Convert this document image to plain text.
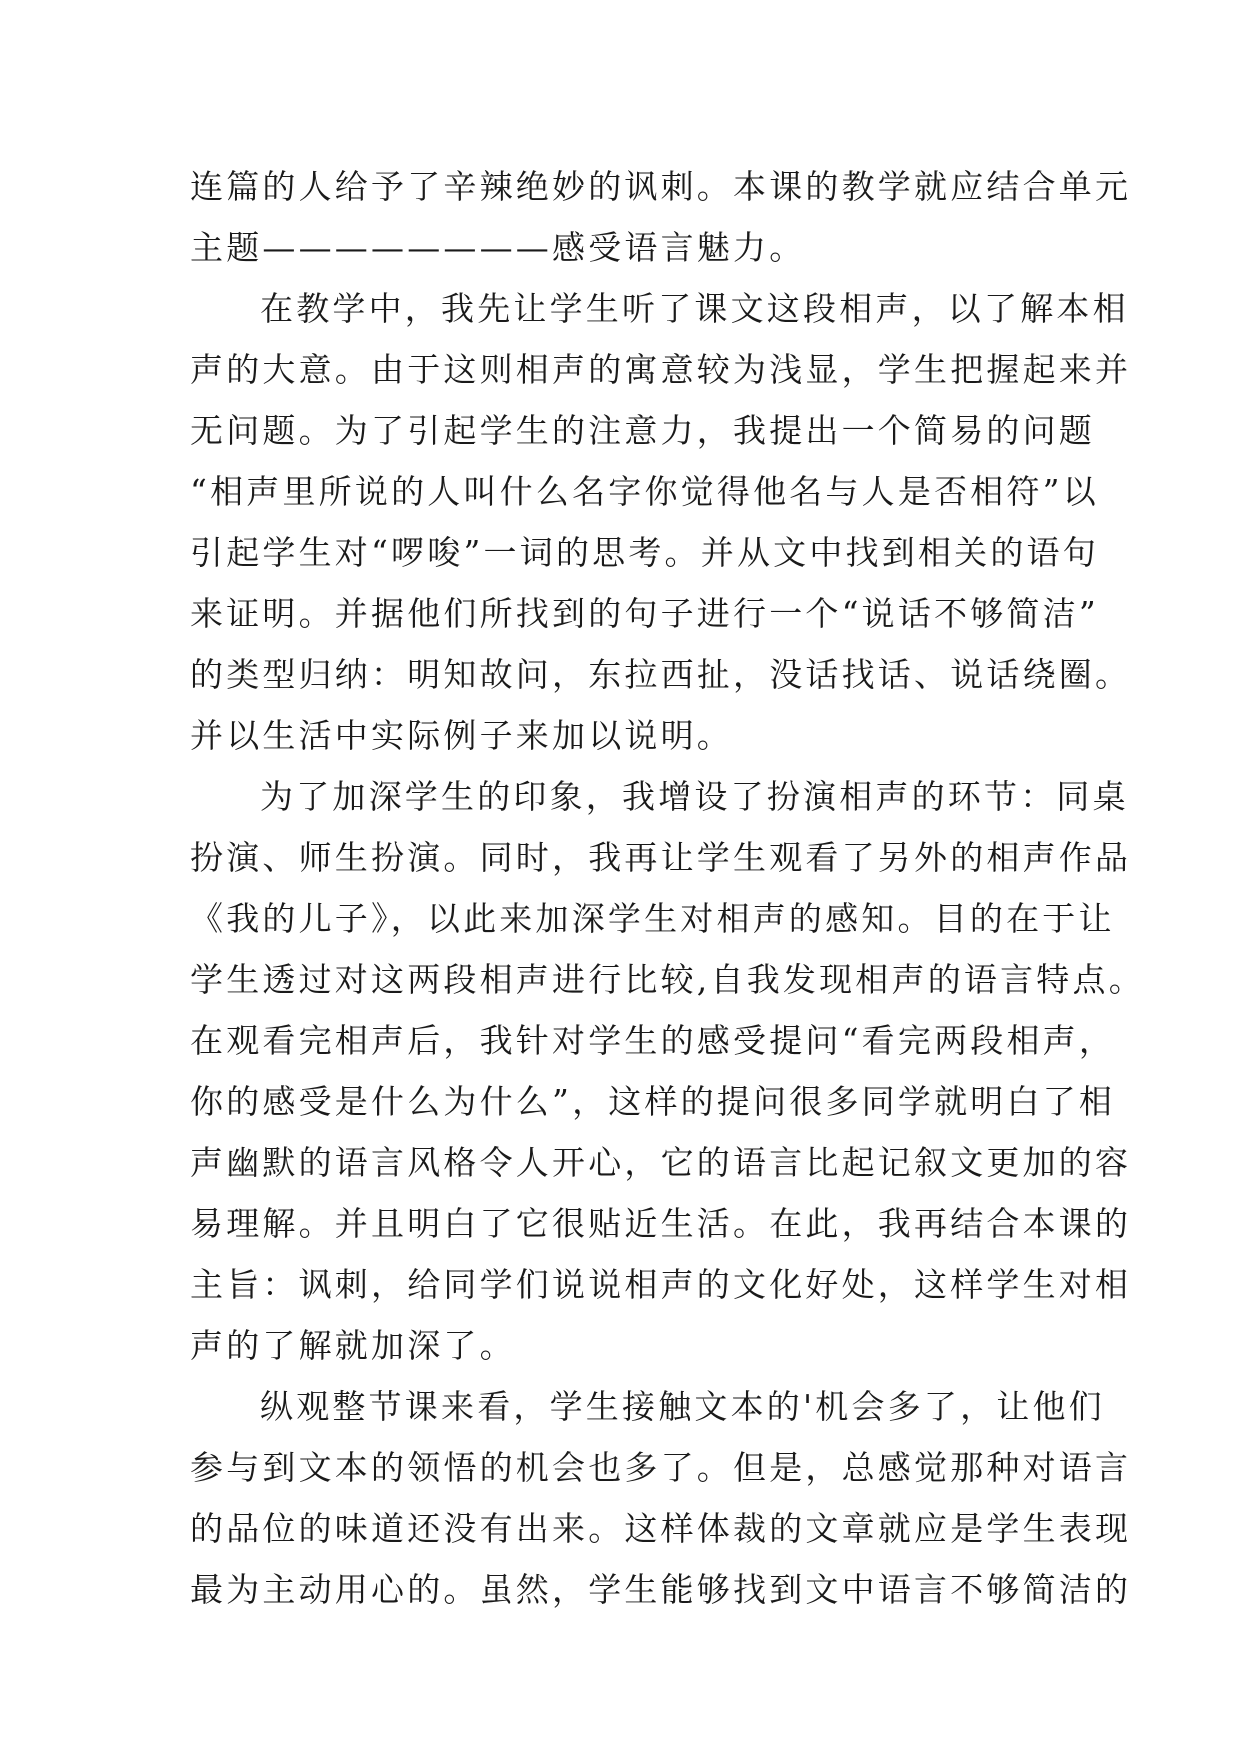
连篇的人给予了辛辣绝妙的讽刺。本课的教学就应结合单元
主题————————感受语言魅力。
在教学中，我先让学生听了课文这段相声，以了解本相
声的大意。由于这则相声的寓意较为浅显，学生把握起来并
无问题。为了引起学生的注意力，我提出一个简易的问题
“相声里所说的人叫什么名字你觉得他名与人是否相符”以
引起学生对“啰唆”一词的思考。并从文中找到相关的语句
来证明。并据他们所找到的句子进行一个“说话不够简洁”
的类型归纳：明知故问，东拉西扯，没话找话、说话绕圈。
并以生活中实际例子来加以说明。
为了加深学生的印象，我增设了扮演相声的环节：同桌
扮演、师生扮演。同时，我再让学生观看了另外的相声作品
《我的儿子》，以此来加深学生对相声的感知。目的在于让
学生透过对这两段相声进行比较,自我发现相声的语言特点。
在观看完相声后，我针对学生的感受提问“看完两段相声，
你的感受是什么为什么”，这样的提问很多同学就明白了相
声幽默的语言风格令人开心，它的语言比起记叙文更加的容
易理解。并且明白了它很贴近生活。在此，我再结合本课的
主旨：讽刺，给同学们说说相声的文化好处，这样学生对相
声的了解就加深了。
纵观整节课来看，学生接触文本的'机会多了，让他们
参与到文本的领悟的机会也多了。但是，总感觉那种对语言
的品位的味道还没有出来。这样体裁的文章就应是学生表现
最为主动用心的。虽然，学生能够找到文中语言不够简洁的
